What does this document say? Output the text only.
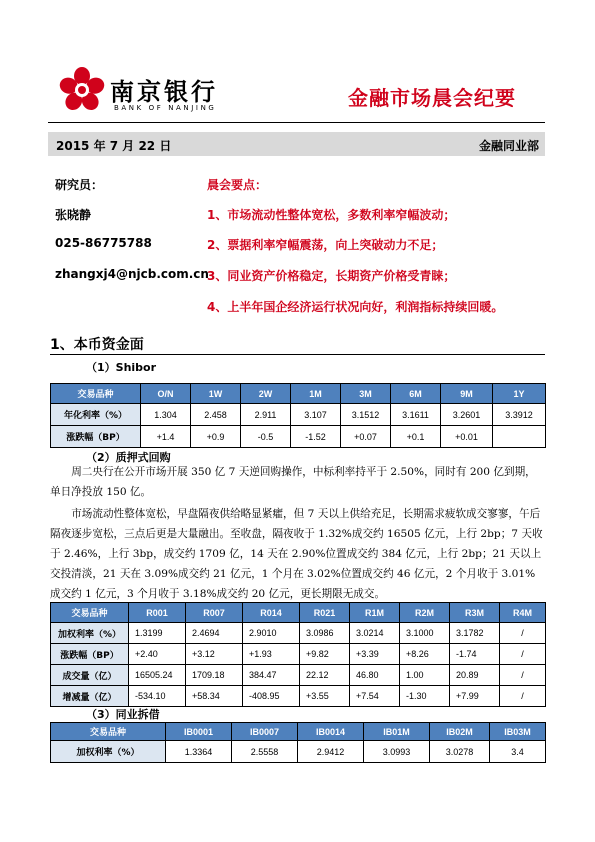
南京银行
BANK OF NANJING	金融市场晨会纪要
2015 年 7 月 22 日	金融同业部
研究员：
张晓静
025-86775788
zhangxj4@njcb.com.cn
晨会要点：
1、市场流动性整体宽松，多数利率窄幅波动；
2、票据利率窄幅震荡，向上突破动力不足；
3、同业资产价格稳定，长期资产价格受青睐；
4、上半年国企经济运行状况向好，利润指标持续回暖。
1、本币资金面
（1）Shibor
交易品种	O/N	1W	2W	1M	3M	6M	9M	1Y
年化利率（%）	1.304	2.458	2.911	3.107	3.1512	3.1611	3.2601	3.3912
涨跌幅（BP）	+1.4	+0.9	-0.5	-1.52	+0.07	+0.1	+0.01	
（2）质押式回购
周二央行在公开市场开展 350 亿 7 天逆回购操作，中标利率持平于 2.50%，同时有 200 亿到期，单日净投放 150 亿。
市场流动性整体宽松，早盘隔夜供给略显紧癨，但 7 天以上供给充足，长期需求疲软成交寥寥，午后隔夜逐步宽松，三点后更是大量融出。至收盘，隔夜收于 1.32%成交约 16505 亿元，上行 2bp；7 天收于 2.46%，上行 3bp，成交约 1709 亿，14 天在 2.90%位置成交约 384 亿元，上行 2bp；21 天以上交投清淡，21 天在 3.09%成交约 21 亿元，1 个月在 3.02%位置成交约 46 亿元，2 个月收于 3.01%成交约 1 亿元，3 个月收于 3.18%成交约 20 亿元，更长期限无成交。
交易品种	R001	R007	R014	R021	R1M	R2M	R3M	R4M
加权利率（%）	1.3199	2.4694	2.9010	3.0986	3.0214	3.1000	3.1782	/
涨跌幅（BP）	+2.40	+3.12	+1.93	+9.82	+3.39	+8.26	-1.74	/
成交量（亿）	16505.24	1709.18	384.47	22.12	46.80	1.00	20.89	/
增减量（亿）	-534.10	+58.34	-408.95	+3.55	+7.54	-1.30	+7.99	/
（3）同业拆借
交易品种	IB0001	IB0007	IB0014	IB01M	IB02M	IB03M
加权利率（%）	1.3364	2.5558	2.9412	3.0993	3.0278	3.4
